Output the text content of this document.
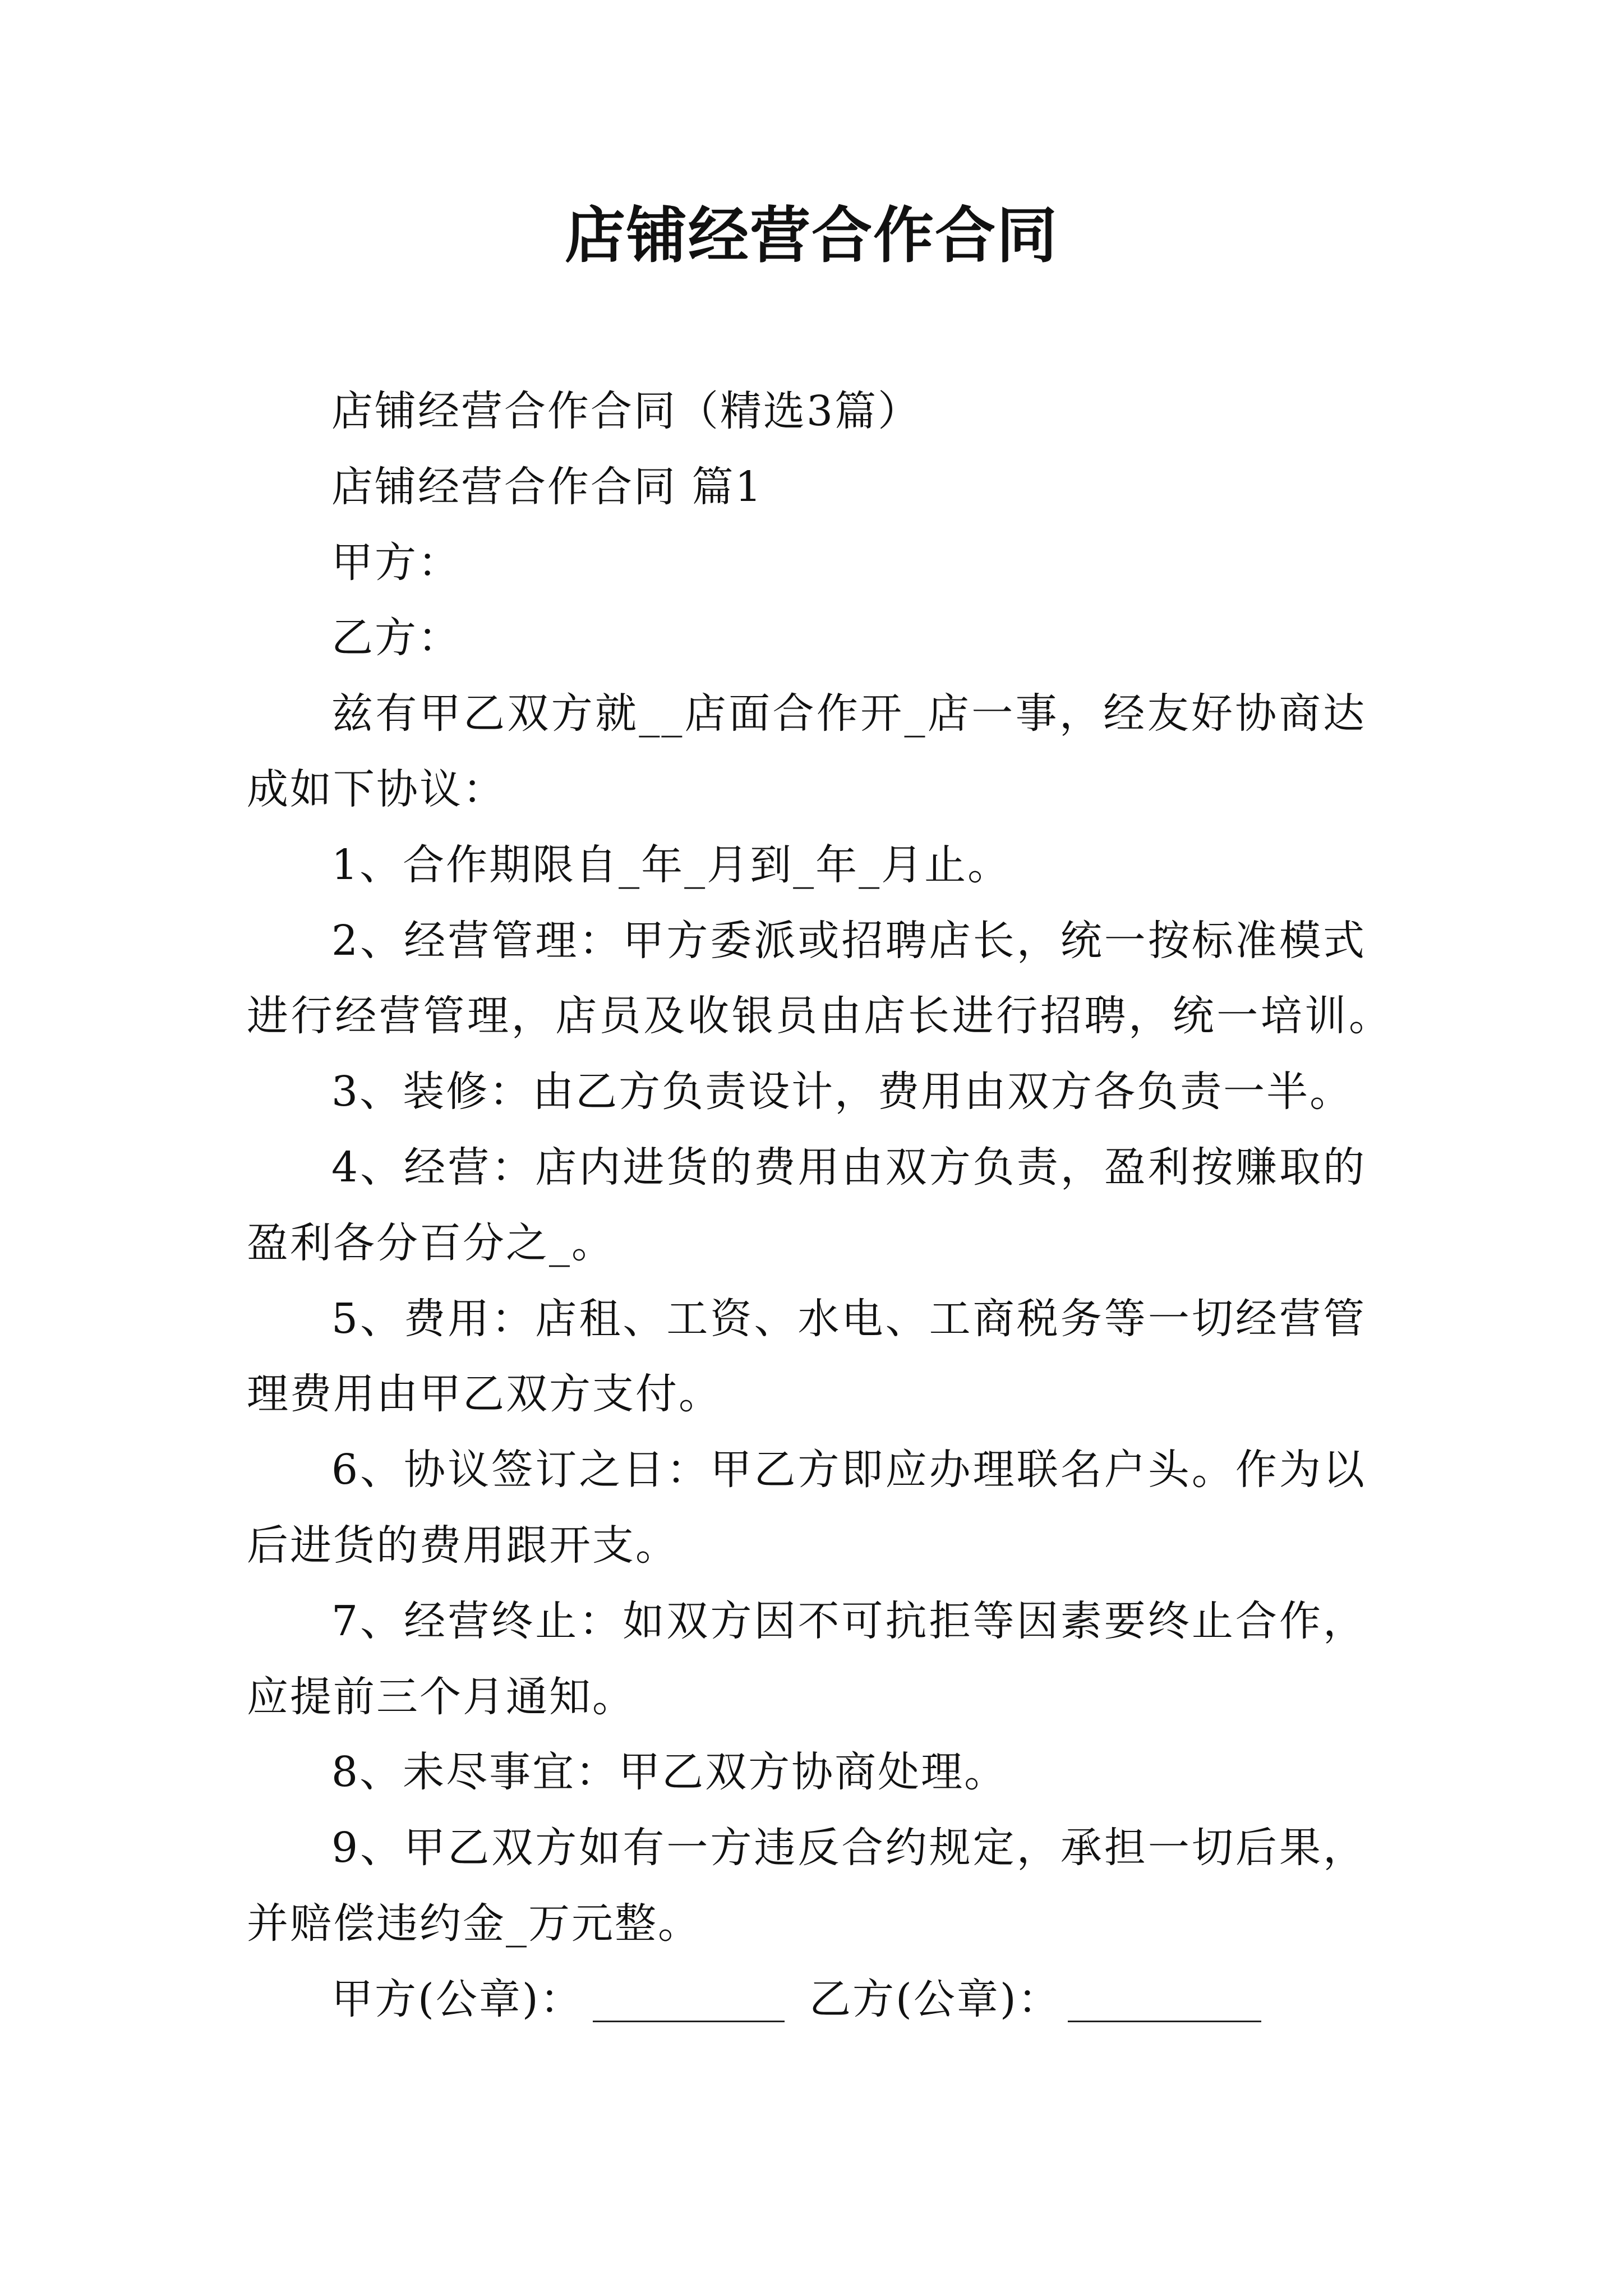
店铺经营合作合同
店铺经营合作合同（精选3篇）
店铺经营合作合同 篇1
甲方：
乙方：
兹有甲乙双方就__店面合作开_店一事，经友好协商达
成如下协议：
1、合作期限自_年_月到_年_月止。
2、经营管理：甲方委派或招聘店长，统一按标准模式
进行经营管理，店员及收银员由店长进行招聘，统一培训。
3、装修：由乙方负责设计，费用由双方各负责一半。
4、经营：店内进货的费用由双方负责，盈利按赚取的
盈利各分百分之_。
5、费用：店租、工资、水电、工商税务等一切经营管
理费用由甲乙双方支付。
6、协议签订之日：甲乙方即应办理联名户头。作为以
后进货的费用跟开支。
7、经营终止：如双方因不可抗拒等因素要终止合作，
应提前三个月通知。
8、未尽事宜：甲乙双方协商处理。
9、甲乙双方如有一方违反合约规定，承担一切后果，
并赔偿违约金_万元整。
甲方(公章)：	乙方(公章)：
